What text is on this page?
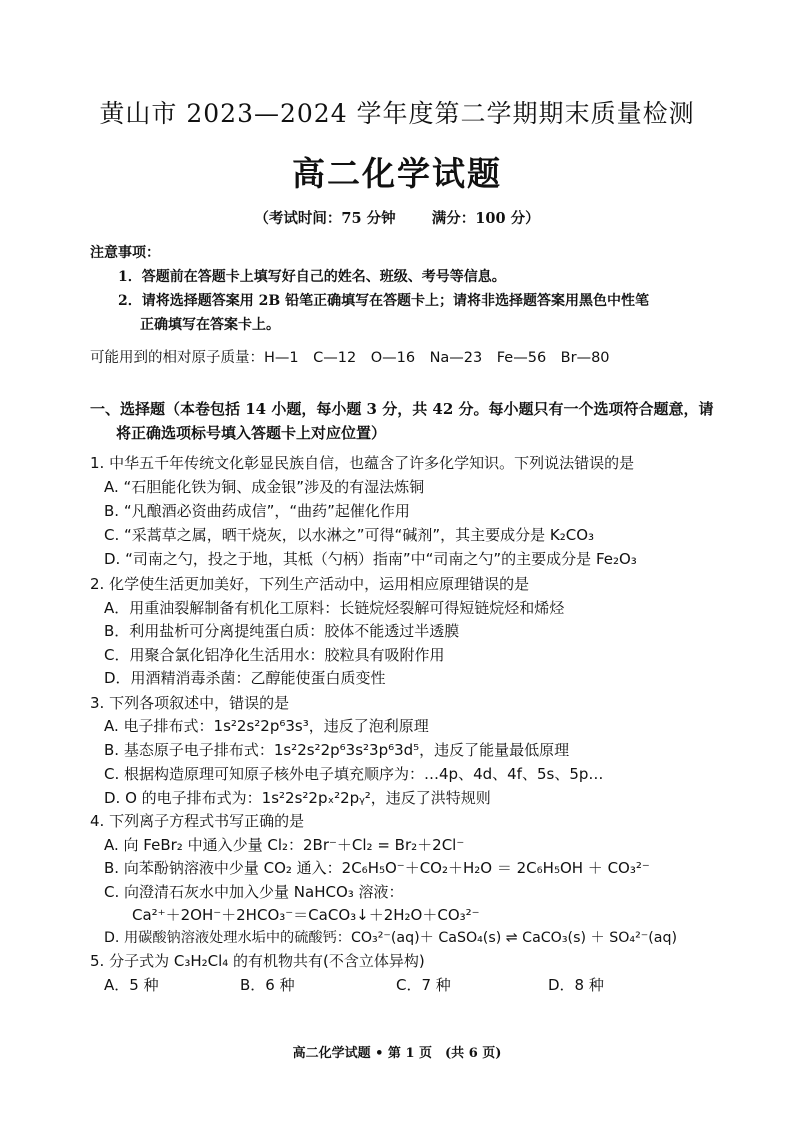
黄山市 2023—2024 学年度第二学期期末质量检测
高二化学试题
（考试时间：75 分钟 满分：100 分）
注意事项：
1．答题前在答题卡上填写好自己的姓名、班级、考号等信息。
2．请将选择题答案用 2B 铅笔正确填写在答题卡上；请将非选择题答案用黑色中性笔
正确填写在答案卡上。
可能用到的相对原子质量：H—1　C—12　O—16　Na—23　Fe—56　Br—80
一、选择题（本卷包括 14 小题，每小题 3 分，共 42 分。每小题只有一个选项符合题意，请
将正确选项标号填入答题卡上对应位置）
1. 中华五千年传统文化彰显民族自信，也蕴含了许多化学知识。下列说法错误的是
A. “石胆能化铁为铜、成金银”涉及的有湿法炼铜
B. “凡酿酒必资曲药成信”，“曲药”起催化作用
C. “采蒿草之属，晒干烧灰，以水淋之”可得“碱剂”，其主要成分是 K₂CO₃
D. “司南之勺，投之于地，其柢（勺柄）指南”中“司南之勺”的主要成分是 Fe₂O₃
2. 化学使生活更加美好，下列生产活动中，运用相应原理错误的是
A．用重油裂解制备有机化工原料：长链烷烃裂解可得短链烷烃和烯烃
B．利用盐析可分离提纯蛋白质：胶体不能透过半透膜
C．用聚合氯化铝净化生活用水：胶粒具有吸附作用
D．用酒精消毒杀菌：乙醇能使蛋白质变性
3. 下列各项叙述中，错误的是
A. 电子排布式：1s²2s²2p⁶3s³，违反了泡利原理
B. 基态原子电子排布式：1s²2s²2p⁶3s²3p⁶3d⁵，违反了能量最低原理
C. 根据构造原理可知原子核外电子填充顺序为：…4p、4d、4f、5s、5p…
D. O 的电子排布式为：1s²2s²2pₓ²2pᵧ²，违反了洪特规则
4. 下列离子方程式书写正确的是
A. 向 FeBr₂ 中通入少量 Cl₂：2Br⁻＋Cl₂ = Br₂＋2Cl⁻
B. 向苯酚钠溶液中少量 CO₂ 通入：2C₆H₅O⁻＋CO₂＋H₂O ＝ 2C₆H₅OH ＋ CO₃²⁻
C. 向澄清石灰水中加入少量 NaHCO₃ 溶液：
Ca²⁺＋2OH⁻＋2HCO₃⁻＝CaCO₃↓＋2H₂O＋CO₃²⁻
D. 用碳酸钠溶液处理水垢中的硫酸钙：CO₃²⁻(aq)＋ CaSO₄(s) ⇌ CaCO₃(s) ＋ SO₄²⁻(aq)
5. 分子式为 C₃H₂Cl₄ 的有机物共有(不含立体异构)
A．5 种	B．6 种	C．7 种	D．8 种
高二化学试题 • 第 1 页　(共 6 页)
